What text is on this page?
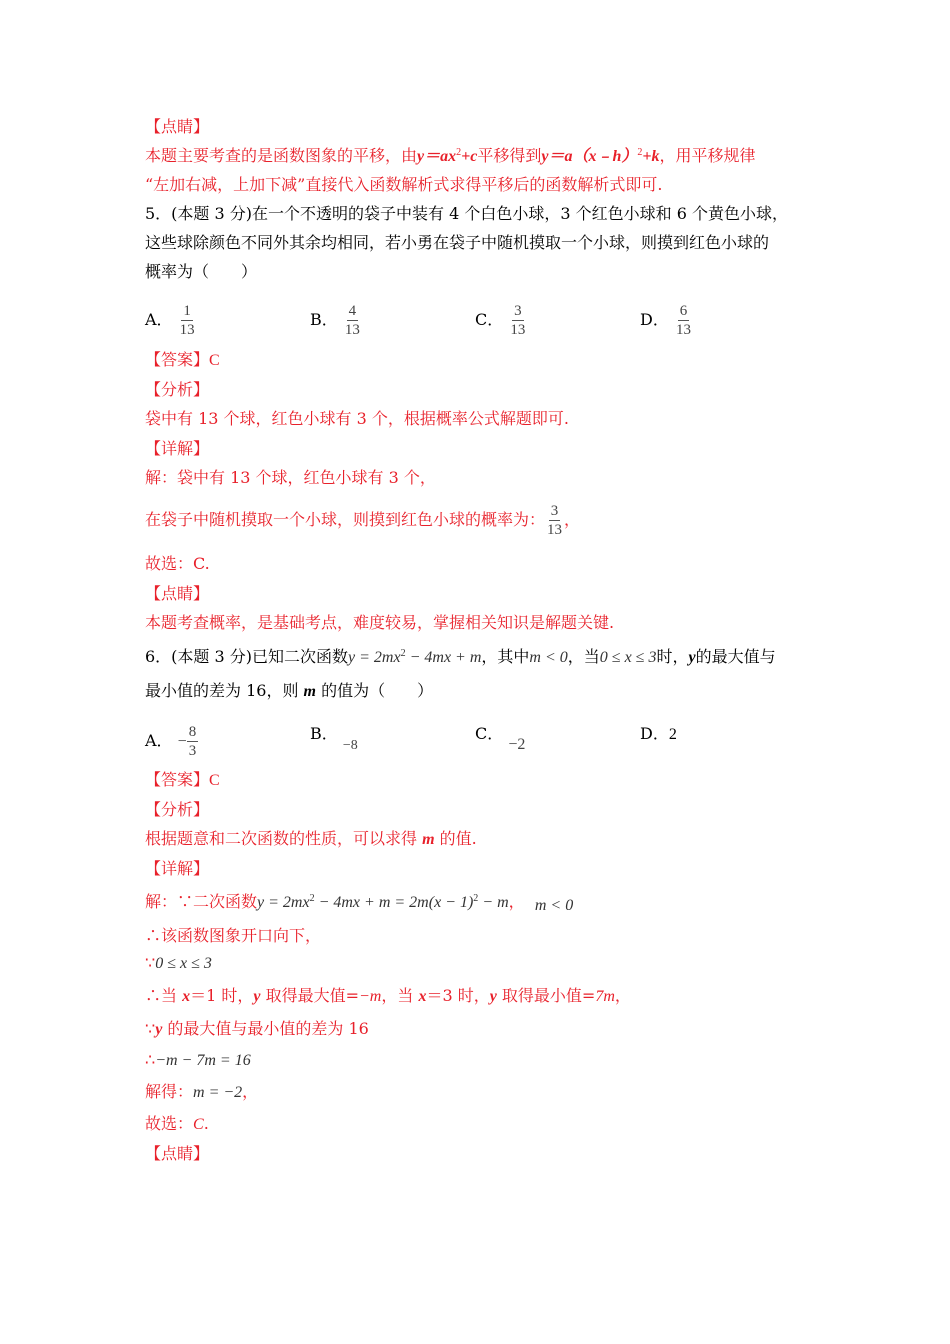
【点睛】
本题主要考查的是函数图象的平移，由$y=ax^2+c$平移得到y＝a（x﹣h）$^2$+k，用平移规律
“左加右减，上加下减”直接代入函数解析式求得平移后的函数解析式即可.
5．(本题 3 分)在一个不透明的袋子中装有 4 个白色小球，3 个红色小球和 6 个黄色小球，
这些球除颜色不同外其余均相同，若小勇在袋子中随机摸取一个小球，则摸到红色小球的
概率为（　　）
A． $\frac{1}{13}$	B． $\frac{4}{13}$	C． $\frac{3}{13}$	D． $\frac{6}{13}$
【答案】C
【分析】
袋中有 13 个球，红色小球有 3 个，根据概率公式解题即可.
【详解】
解：袋中有 13 个球，红色小球有 3 个，
在袋子中随机摸取一个小球，则摸到红色小球的概率为： $\frac{3}{13}$ ，
故选：C.
【点睛】
本题考查概率，是基础考点，难度较易，掌握相关知识是解题关键.
6．(本题 3 分)已知二次函数$y = 2mx^2 - 4mx + m$，其中m < 0，当0 ≤ x ≤ 3时，y的最大值与
最小值的差为 16，则 m 的值为（　　）
A． − $\frac{8}{3}$	B． −8
C． −2
D．2
【答案】C
【分析】
根据题意和二次函数的性质，可以求得 m 的值.
【详解】
解：∵二次函数$y = 2mx^2 - 4mx + m = 2m(x - 1)^2 - m$， m < 0
∴该函数图象开口向下，
∵0 ≤ x ≤ 3
∴当 x＝1 时，y 取得最大值=−m，当 x＝3 时，y 取得最小值=7m，
∵y 的最大值与最小值的差为 16
∴−m − 7m = 16
解得：m = −2，
故选：C.
【点睛】
